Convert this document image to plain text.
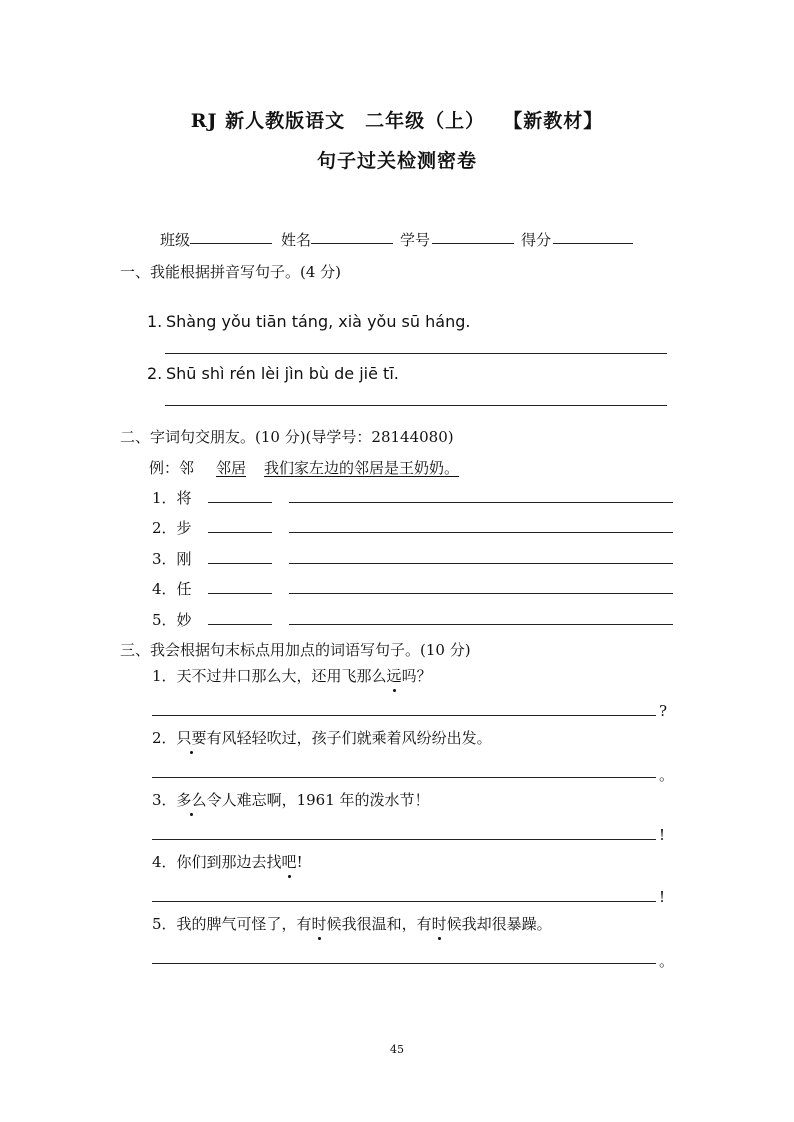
RJ 新人教版语文　二年级（上）　 【新教材】
句子过关检测密卷
班级	姓名	学号	得分
一、我能根据拼音写句子。(4 分)
1. Shàng yǒu tiān táng, xià yǒu sū háng.
2. Shū shì rén lèi jìn bù de jiē tī.
二、字词句交朋友。(10 分)(导学号：28144080)
例：邻 邻居 我们家左边的邻居是王奶奶。
1．将
2．步
3．刚
4．任
5．妙
三、我会根据句末标点用加点的词语写句子。(10 分)
1．天不过井口那么大，还用飞那么远吗？
?
2．只要有风轻轻吹过，孩子们就乘着风纷纷出发。
。
3．多么令人难忘啊，1961 年的泼水节！
!
4．你们到那边去找吧!
!
5．我的脾气可怪了，有时候我很温和，有时候我却很暴躁。
。
45
